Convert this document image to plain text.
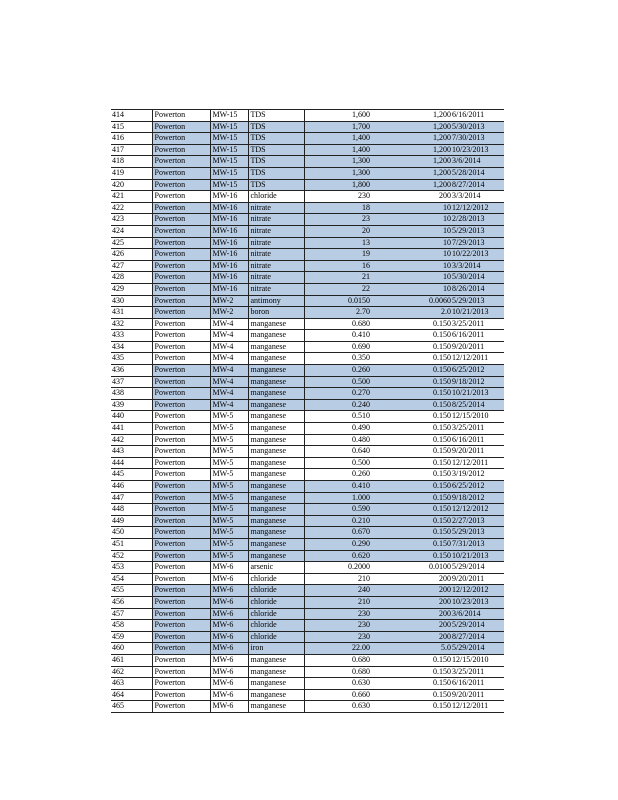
414	Powerton	MW-15	TDS	1,600	1,200	6/16/2011
415	Powerton	MW-15	TDS	1,700	1,200	5/30/2013
416	Powerton	MW-15	TDS	1,400	1,200	7/30/2013
417	Powerton	MW-15	TDS	1,400	1,200	10/23/2013
418	Powerton	MW-15	TDS	1,300	1,200	3/6/2014
419	Powerton	MW-15	TDS	1,300	1,200	5/28/2014
420	Powerton	MW-15	TDS	1,800	1,200	8/27/2014
421	Powerton	MW-16	chloride	230	200	3/3/2014
422	Powerton	MW-16	nitrate	18	10	12/12/2012
423	Powerton	MW-16	nitrate	23	10	2/28/2013
424	Powerton	MW-16	nitrate	20	10	5/29/2013
425	Powerton	MW-16	nitrate	13	10	7/29/2013
426	Powerton	MW-16	nitrate	19	10	10/22/2013
427	Powerton	MW-16	nitrate	16	10	3/3/2014
428	Powerton	MW-16	nitrate	21	10	5/30/2014
429	Powerton	MW-16	nitrate	22	10	8/26/2014
430	Powerton	MW-2	antimony	0.0150	0.0060	5/29/2013
431	Powerton	MW-2	boron	2.70	2.0	10/21/2013
432	Powerton	MW-4	manganese	0.680	0.150	3/25/2011
433	Powerton	MW-4	manganese	0.410	0.150	6/16/2011
434	Powerton	MW-4	manganese	0.690	0.150	9/20/2011
435	Powerton	MW-4	manganese	0.350	0.150	12/12/2011
436	Powerton	MW-4	manganese	0.260	0.150	6/25/2012
437	Powerton	MW-4	manganese	0.500	0.150	9/18/2012
438	Powerton	MW-4	manganese	0.270	0.150	10/21/2013
439	Powerton	MW-4	manganese	0.240	0.150	8/25/2014
440	Powerton	MW-5	manganese	0.510	0.150	12/15/2010
441	Powerton	MW-5	manganese	0.490	0.150	3/25/2011
442	Powerton	MW-5	manganese	0.480	0.150	6/16/2011
443	Powerton	MW-5	manganese	0.640	0.150	9/20/2011
444	Powerton	MW-5	manganese	0.500	0.150	12/12/2011
445	Powerton	MW-5	manganese	0.260	0.150	3/19/2012
446	Powerton	MW-5	manganese	0.410	0.150	6/25/2012
447	Powerton	MW-5	manganese	1.000	0.150	9/18/2012
448	Powerton	MW-5	manganese	0.590	0.150	12/12/2012
449	Powerton	MW-5	manganese	0.210	0.150	2/27/2013
450	Powerton	MW-5	manganese	0.670	0.150	5/29/2013
451	Powerton	MW-5	manganese	0.290	0.150	7/31/2013
452	Powerton	MW-5	manganese	0.620	0.150	10/21/2013
453	Powerton	MW-6	arsenic	0.2000	0.0100	5/29/2014
454	Powerton	MW-6	chloride	210	200	9/20/2011
455	Powerton	MW-6	chloride	240	200	12/12/2012
456	Powerton	MW-6	chloride	210	200	10/23/2013
457	Powerton	MW-6	chloride	230	200	3/6/2014
458	Powerton	MW-6	chloride	230	200	5/29/2014
459	Powerton	MW-6	chloride	230	200	8/27/2014
460	Powerton	MW-6	iron	22.00	5.0	5/29/2014
461	Powerton	MW-6	manganese	0.680	0.150	12/15/2010
462	Powerton	MW-6	manganese	0.680	0.150	3/25/2011
463	Powerton	MW-6	manganese	0.630	0.150	6/16/2011
464	Powerton	MW-6	manganese	0.660	0.150	9/20/2011
465	Powerton	MW-6	manganese	0.630	0.150	12/12/2011
